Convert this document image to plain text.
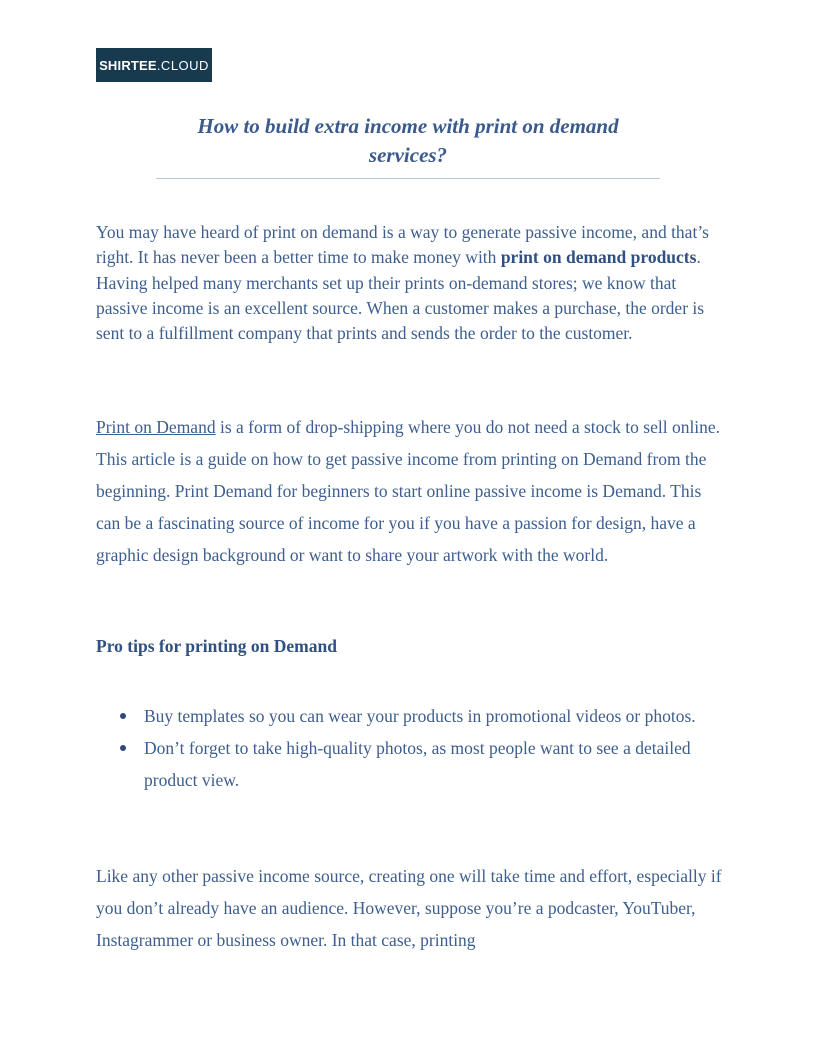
SHIRTEE .CLOUD
How to build extra income with print on demand services?

You may have heard of print on demand is a way to generate passive income, and that’s right. It has never been a better time to make money with print on demand products. Having helped many merchants set up their prints on-demand stores; we know that passive income is an excellent source. When a customer makes a purchase, the order is sent to a fulfillment company that prints and sends the order to the customer.

Print on Demand is a form of drop-shipping where you do not need a stock to sell online. This article is a guide on how to get passive income from printing on Demand from the beginning. Print Demand for beginners to start online passive income is Demand. This can be a fascinating source of income for you if you have a passion for design, have a graphic design background or want to share your artwork with the world.

Pro tips for printing on Demand
Buy templates so you can wear your products in promotional videos or photos.
Don’t forget to take high-quality photos, as most people want to see a detailed product view.

Like any other passive income source, creating one will take time and effort, especially if you don’t already have an audience. However, suppose you’re a podcaster, YouTuber, Instagrammer or business owner. In that case, printing
